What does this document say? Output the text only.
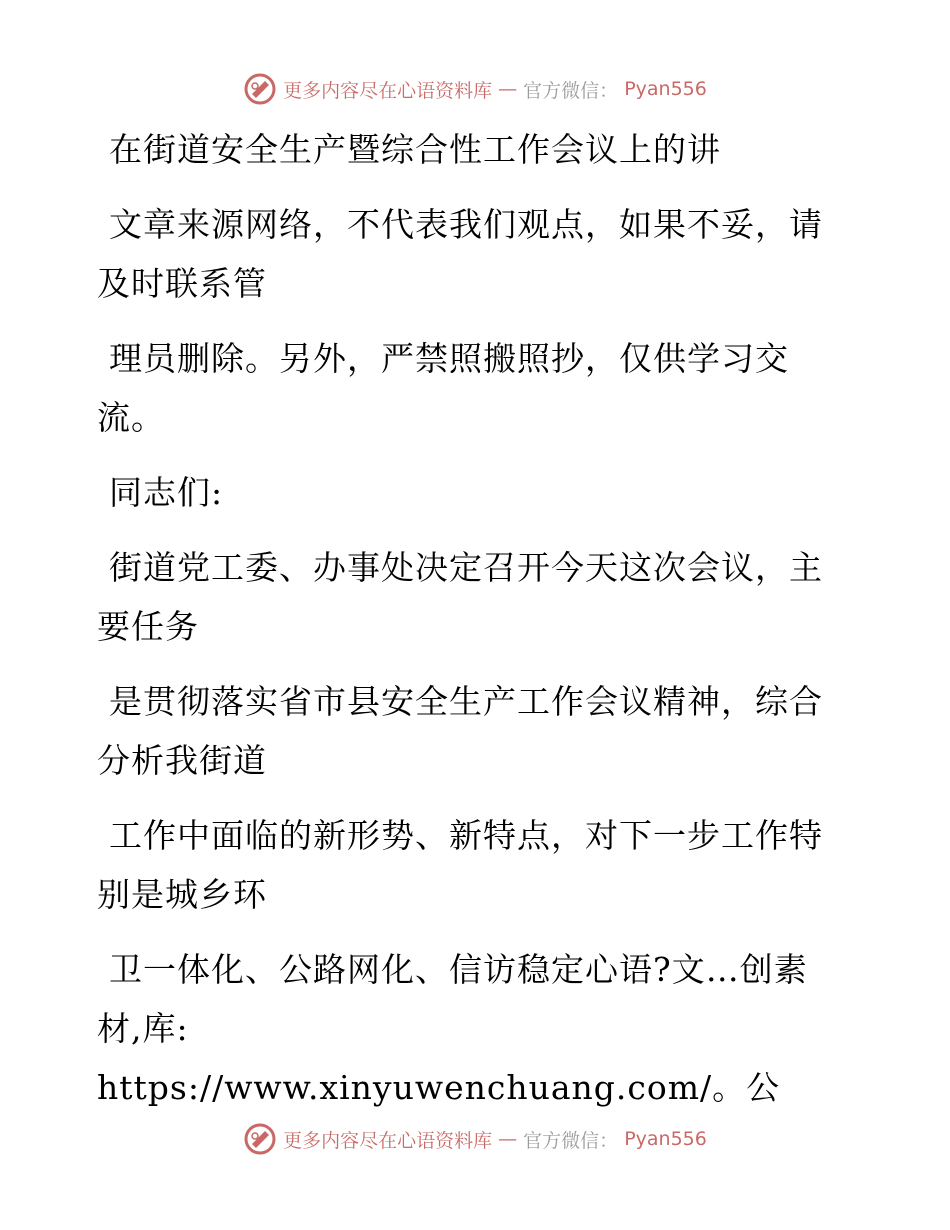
更多内容尽在心语资料库 — 官方微信： Pyan556

在街道安全生产暨综合性工作会议上的讲

文章来源网络，不代表我们观点，如果不妥，请
及时联系管

理员删除。另外，严禁照搬照抄，仅供学习交
流。

同志们:

街道党工委、办事处决定召开今天这次会议，主
要任务

是贯彻落实省市县安全生产工作会议精神，综合
分析我街道

工作中面临的新形势、新特点，对下一步工作特
别是城乡环

卫一体化、公路网化、信访稳定心语?文…创素
材,库: https://www.xinyuwenchuang.com/。公

更多内容尽在心语资料库 — 官方微信： Pyan556
